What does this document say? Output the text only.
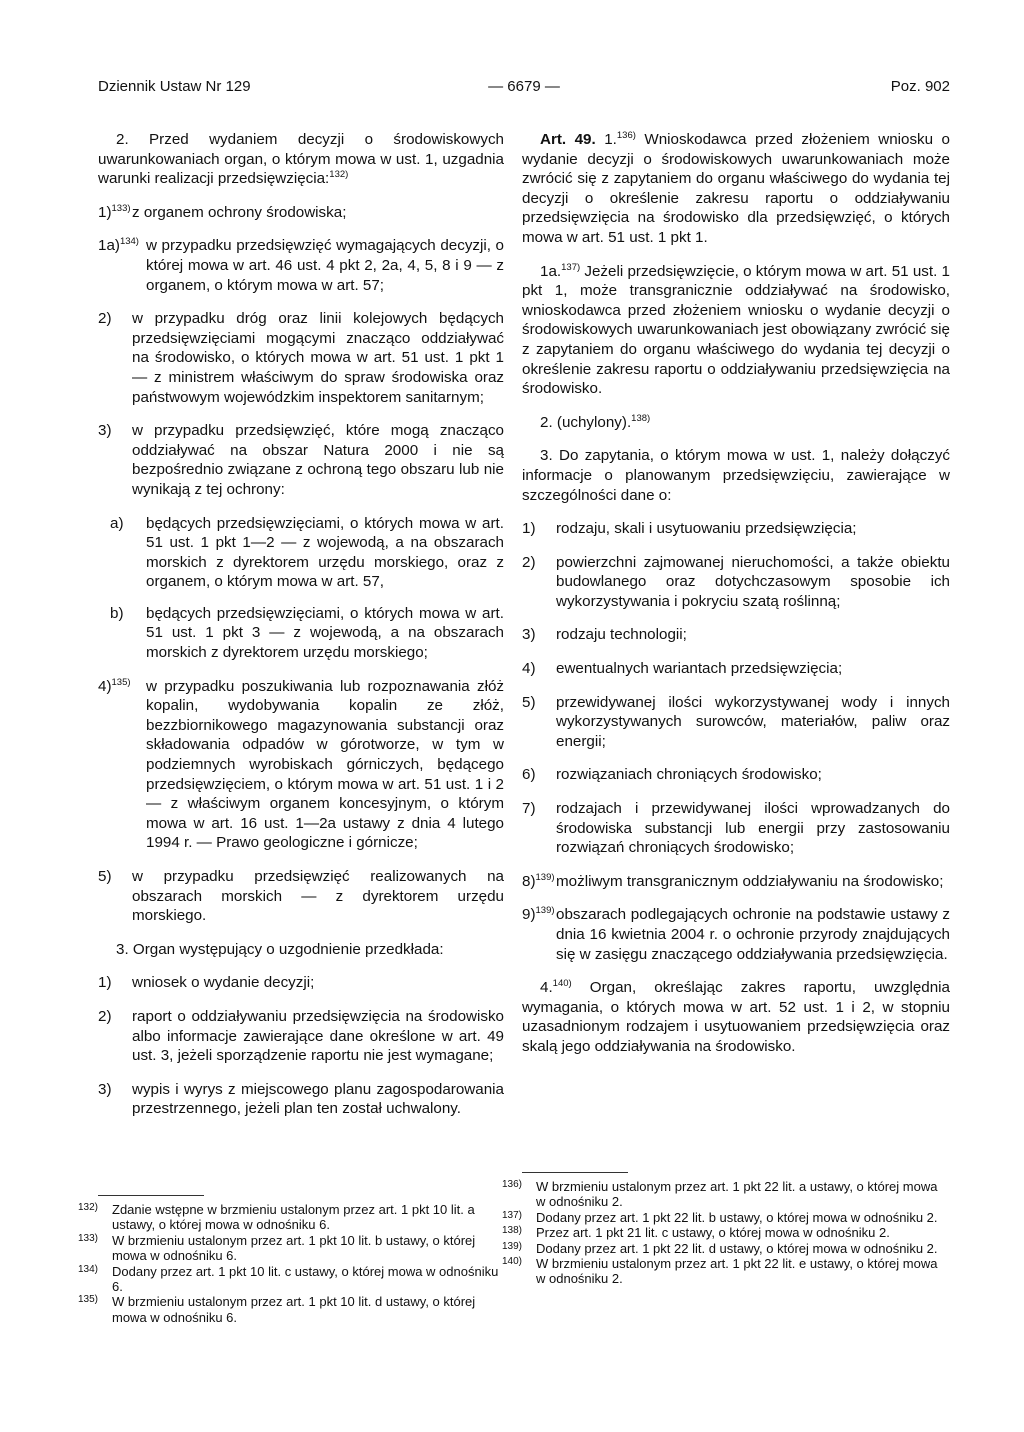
— 6679 —
Dziennik Ustaw Nr 129	Poz. 902

2. Przed wydaniem decyzji o środowiskowych uwarunkowaniach organ, o którym mowa w ust. 1, uzgadnia warunki realizacji przedsięwzięcia:$^{132)}$

1)$^{133)}$ z organem ochrony środowiska;
1a)$^{134)}$ w przypadku przedsięwzięć wymagających decyzji, o której mowa w art. 46 ust. 4 pkt 2, 2a, 4, 5, 8 i 9 — z organem, o którym mowa w art. 57;
2) w przypadku dróg oraz linii kolejowych będących przedsięwzięciami mogącymi znacząco oddziaływać na środowisko, o których mowa w art. 51 ust. 1 pkt 1 — z ministrem właściwym do spraw środowiska oraz państwowym wojewódzkim inspektorem sanitarnym;
3) w przypadku przedsięwzięć, które mogą znacząco oddziaływać na obszar Natura 2000 i nie są bezpośrednio związane z ochroną tego obszaru lub nie wynikają z tej ochrony:
a) będących przedsięwzięciami, o których mowa w art. 51 ust. 1 pkt 1—2 — z wojewodą, a na obszarach morskich z dyrektorem urzędu morskiego, oraz z organem, o którym mowa w art. 57,
b) będących przedsięwzięciami, o których mowa w art. 51 ust. 1 pkt 3 — z wojewodą, a na obszarach morskich z dyrektorem urzędu morskiego;
4)$^{135)}$ w przypadku poszukiwania lub rozpoznawania złóż kopalin, wydobywania kopalin ze złóż, bezzbiornikowego magazynowania substancji oraz składowania odpadów w górotworze, w tym w podziemnych wyrobiskach górniczych, będącego przedsięwzięciem, o którym mowa w art. 51 ust. 1 i 2 — z właściwym organem koncesyjnym, o którym mowa w art. 16 ust. 1—2a ustawy z dnia 4 lutego 1994 r. — Prawo geologiczne i górnicze;
5) w przypadku przedsięwzięć realizowanych na obszarach morskich — z dyrektorem urzędu morskiego.

3. Organ występujący o uzgodnienie przedkłada:

1) wniosek o wydanie decyzji;
2) raport o oddziaływaniu przedsięwzięcia na środowisko albo informacje zawierające dane określone w art. 49 ust. 3, jeżeli sporządzenie raportu nie jest wymagane;
3) wypis i wyrys z miejscowego planu zagospodarowania przestrzennego, jeżeli plan ten został uchwalony.
132) Zdanie wstępne w brzmieniu ustalonym przez art. 1 pkt 10 lit. a ustawy, o której mowa w odnośniku 6.
133) W brzmieniu ustalonym przez art. 1 pkt 10 lit. b ustawy, o której mowa w odnośniku 6.
134) Dodany przez art. 1 pkt 10 lit. c ustawy, o której mowa w odnośniku 6.
135) W brzmieniu ustalonym przez art. 1 pkt 10 lit. d ustawy, o której mowa w odnośniku 6.

Art. 49. 1.$^{136)}$ Wnioskodawca przed złożeniem wniosku o wydanie decyzji o środowiskowych uwarunkowaniach może zwrócić się z zapytaniem do organu właściwego do wydania tej decyzji o określenie zakresu raportu o oddziaływaniu przedsięwzięcia na środowisko dla przedsięwzięć, o których mowa w art. 51 ust. 1 pkt 1.

1a.$^{137)}$ Jeżeli przedsięwzięcie, o którym mowa w art. 51 ust. 1 pkt 1, może transgranicznie oddziaływać na środowisko, wnioskodawca przed złożeniem wniosku o wydanie decyzji o środowiskowych uwarunkowaniach jest obowiązany zwrócić się z zapytaniem do organu właściwego do wydania tej decyzji o określenie zakresu raportu o oddziaływaniu przedsięwzięcia na środowisko.

2. (uchylony).$^{138)}$

3. Do zapytania, o którym mowa w ust. 1, należy dołączyć informacje o planowanym przedsięwzięciu, zawierające w szczególności dane o:

1) rodzaju, skali i usytuowaniu przedsięwzięcia;
2) powierzchni zajmowanej nieruchomości, a także obiektu budowlanego oraz dotychczasowym sposobie ich wykorzystywania i pokryciu szatą roślinną;
3) rodzaju technologii;
4) ewentualnych wariantach przedsięwzięcia;
5) przewidywanej ilości wykorzystywanej wody i innych wykorzystywanych surowców, materiałów, paliw oraz energii;
6) rozwiązaniach chroniących środowisko;
7) rodzajach i przewidywanej ilości wprowadzanych do środowiska substancji lub energii przy zastosowaniu rozwiązań chroniących środowisko;
8)$^{139)}$ możliwym transgranicznym oddziaływaniu na środowisko;
9)$^{139)}$ obszarach podlegających ochronie na podstawie ustawy z dnia 16 kwietnia 2004 r. o ochronie przyrody znajdujących się w zasięgu znaczącego oddziaływania przedsięwzięcia.

4.$^{140)}$ Organ, określając zakres raportu, uwzględnia wymagania, o których mowa w art. 52 ust. 1 i 2, w stopniu uzasadnionym rodzajem i usytuowaniem przedsięwzięcia oraz skalą jego oddziaływania na środowisko.

136) W brzmieniu ustalonym przez art. 1 pkt 22 lit. a ustawy, o której mowa w odnośniku 2.
137) Dodany przez art. 1 pkt 22 lit. b ustawy, o której mowa w odnośniku 2.
138) Przez art. 1 pkt 21 lit. c ustawy, o której mowa w odnośniku 2.
139) Dodany przez art. 1 pkt 22 lit. d ustawy, o której mowa w odnośniku 2.
140) W brzmieniu ustalonym przez art. 1 pkt 22 lit. e ustawy, o której mowa w odnośniku 2.
